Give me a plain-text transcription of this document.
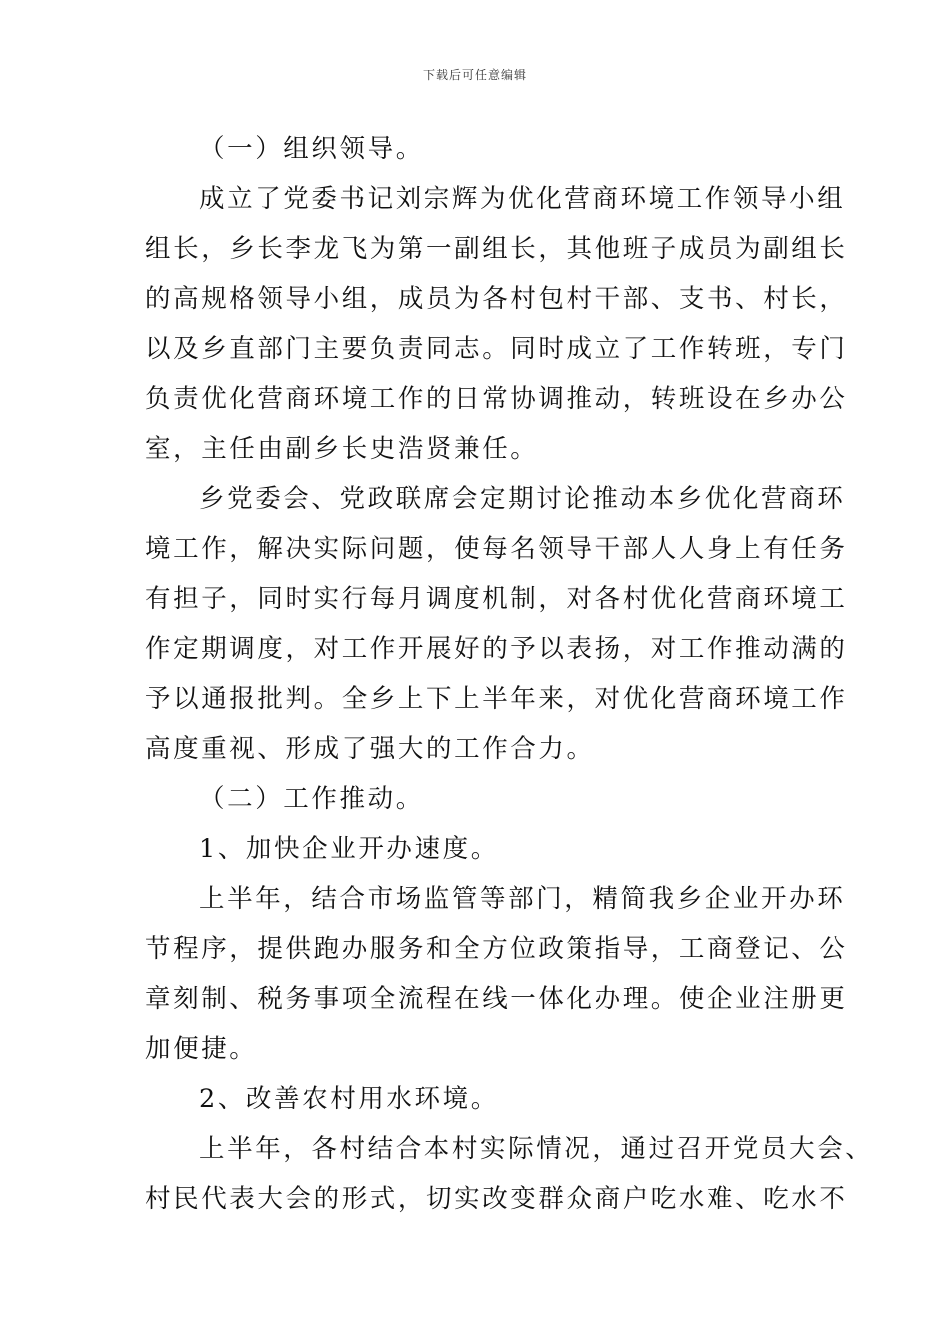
下载后可任意编辑
（一）组织领导。
成立了党委书记刘宗辉为优化营商环境工作领导小组
组长，乡长李龙飞为第一副组长，其他班子成员为副组长
的高规格领导小组，成员为各村包村干部、支书、村长，
以及乡直部门主要负责同志。同时成立了工作转班，专门
负责优化营商环境工作的日常协调推动，转班设在乡办公
室，主任由副乡长史浩贤兼任。
乡党委会、党政联席会定期讨论推动本乡优化营商环
境工作，解决实际问题，使每名领导干部人人身上有任务
有担子，同时实行每月调度机制，对各村优化营商环境工
作定期调度，对工作开展好的予以表扬，对工作推动满的
予以通报批判。全乡上下上半年来，对优化营商环境工作
高度重视、形成了强大的工作合力。
（二）工作推动。
1、加快企业开办速度。
上半年，结合市场监管等部门，精简我乡企业开办环
节程序，提供跑办服务和全方位政策指导，工商登记、公
章刻制、税务事项全流程在线一体化办理。使企业注册更
加便捷。
2、改善农村用水环境。
上半年，各村结合本村实际情况，通过召开党员大会、
村民代表大会的形式，切实改变群众商户吃水难、吃水不
